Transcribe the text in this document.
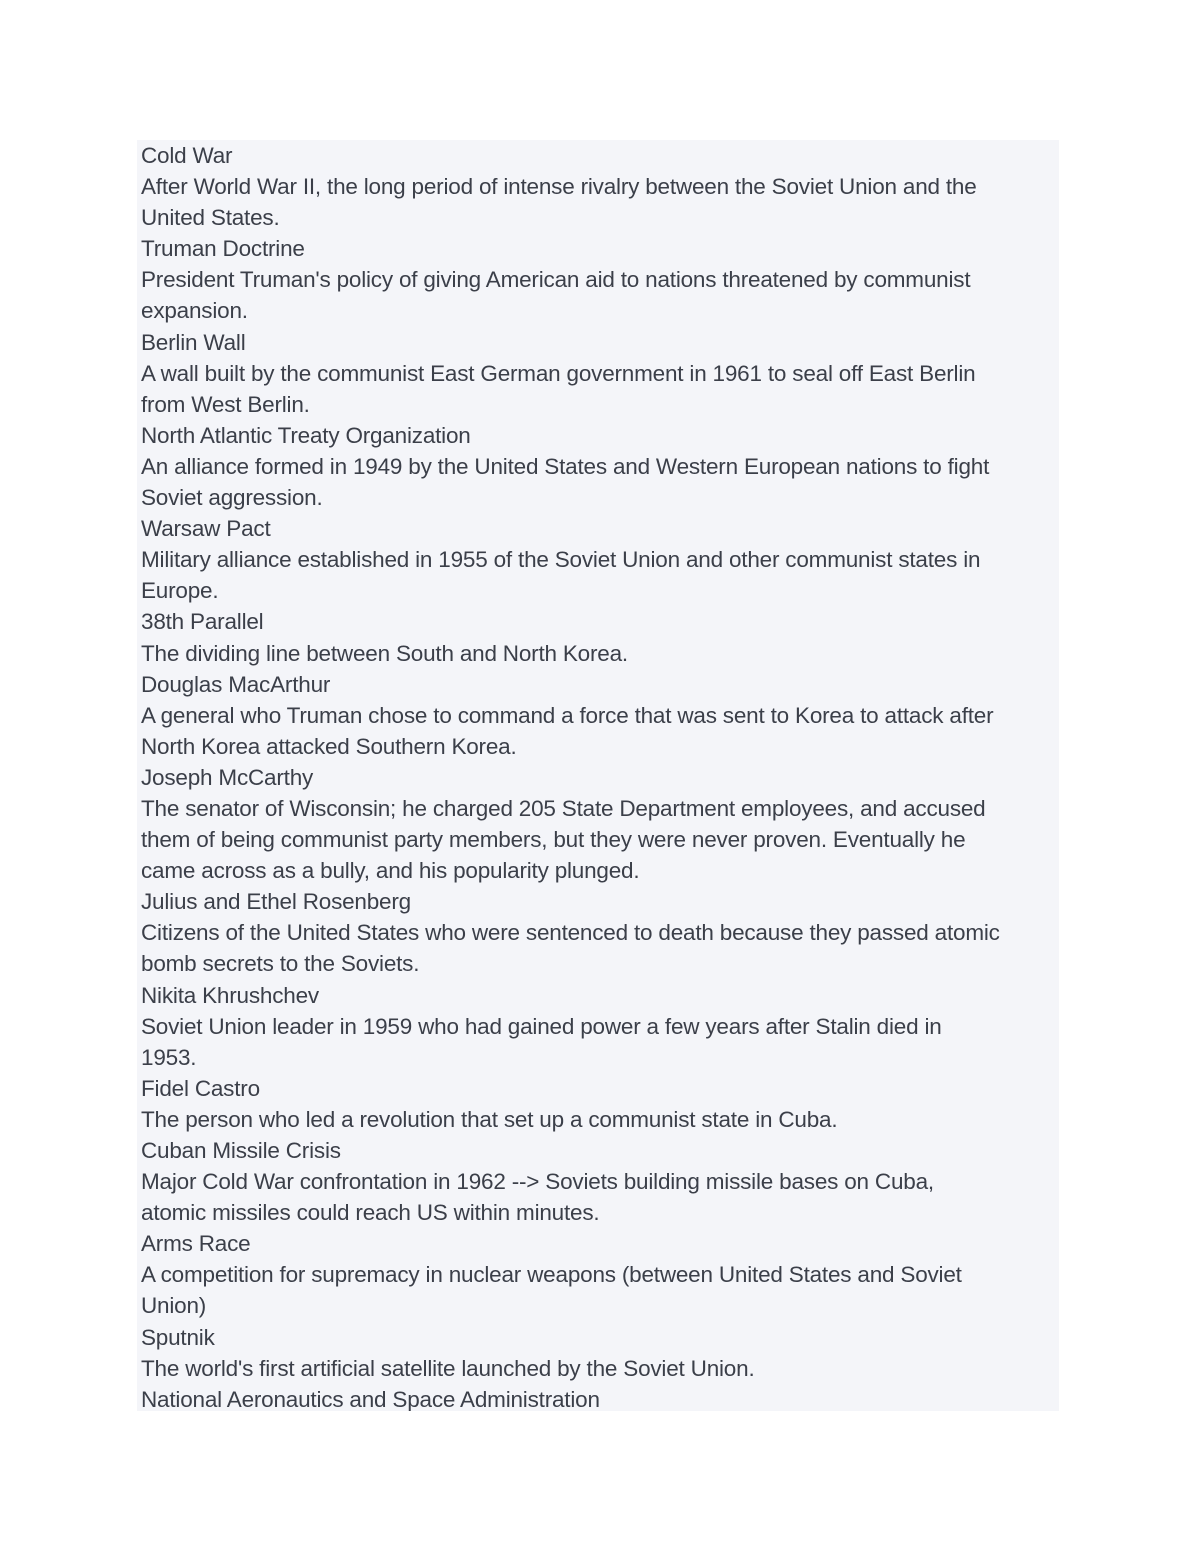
Cold War
After World War II, the long period of intense rivalry between the Soviet Union and the
United States.
Truman Doctrine
President Truman's policy of giving American aid to nations threatened by communist
expansion.
Berlin Wall
A wall built by the communist East German government in 1961 to seal off East Berlin
from West Berlin.
North Atlantic Treaty Organization
An alliance formed in 1949 by the United States and Western European nations to fight
Soviet aggression.
Warsaw Pact
Military alliance established in 1955 of the Soviet Union and other communist states in
Europe.
38th Parallel
The dividing line between South and North Korea.
Douglas MacArthur
A general who Truman chose to command a force that was sent to Korea to attack after
North Korea attacked Southern Korea.
Joseph McCarthy
The senator of Wisconsin; he charged 205 State Department employees, and accused
them of being communist party members, but they were never proven. Eventually he
came across as a bully, and his popularity plunged.
Julius and Ethel Rosenberg
Citizens of the United States who were sentenced to death because they passed atomic
bomb secrets to the Soviets.
Nikita Khrushchev
Soviet Union leader in 1959 who had gained power a few years after Stalin died in
1953.
Fidel Castro
The person who led a revolution that set up a communist state in Cuba.
Cuban Missile Crisis
Major Cold War confrontation in 1962 --> Soviets building missile bases on Cuba,
atomic missiles could reach US within minutes.
Arms Race
A competition for supremacy in nuclear weapons (between United States and Soviet
Union)
Sputnik
The world's first artificial satellite launched by the Soviet Union.
National Aeronautics and Space Administration
